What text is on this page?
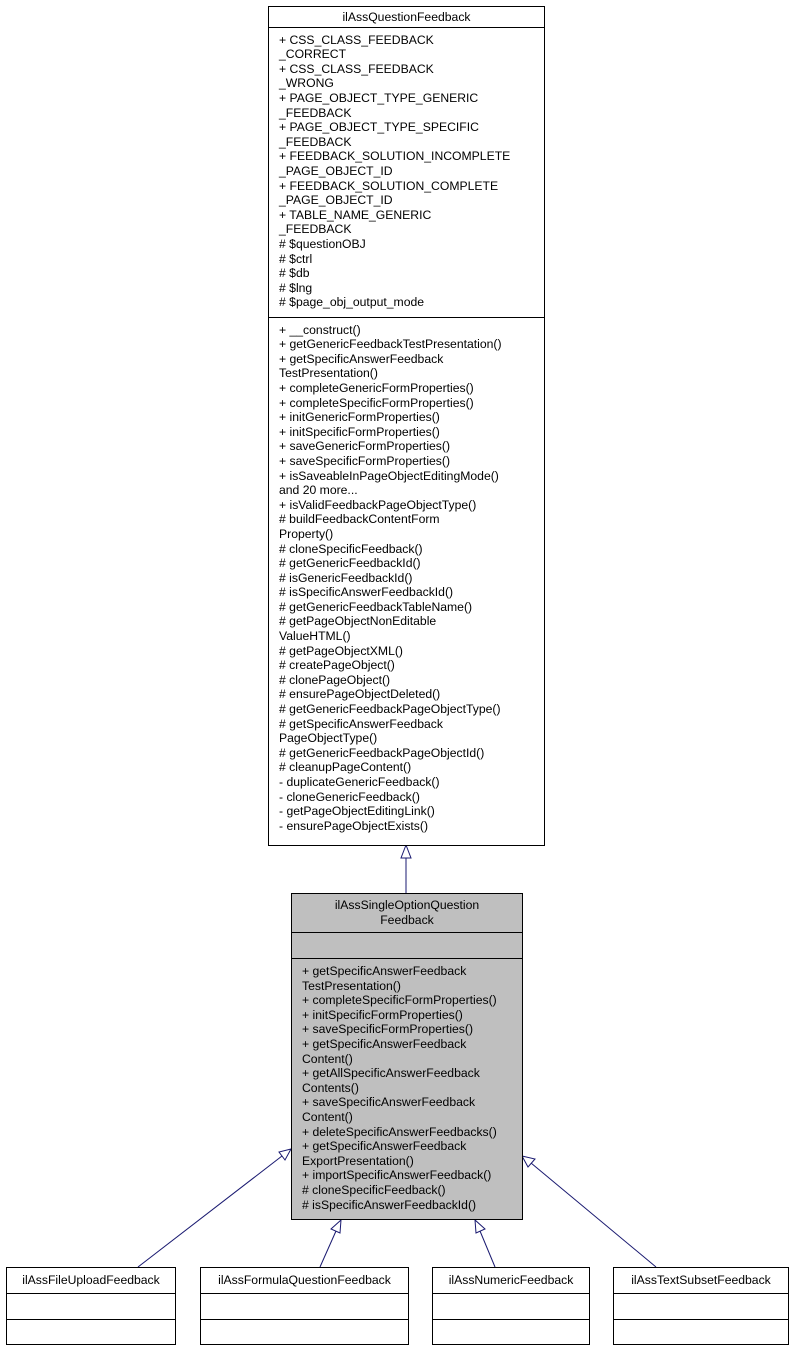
ilAssQuestionFeedback
+ CSS_CLASS_FEEDBACK
_CORRECT
+ CSS_CLASS_FEEDBACK
_WRONG
+ PAGE_OBJECT_TYPE_GENERIC
_FEEDBACK
+ PAGE_OBJECT_TYPE_SPECIFIC
_FEEDBACK
+ FEEDBACK_SOLUTION_INCOMPLETE
_PAGE_OBJECT_ID
+ FEEDBACK_SOLUTION_COMPLETE
_PAGE_OBJECT_ID
+ TABLE_NAME_GENERIC
_FEEDBACK
# $questionOBJ
# $ctrl
# $db
# $lng
# $page_obj_output_mode
+ __construct()
+ getGenericFeedbackTestPresentation()
+ getSpecificAnswerFeedback
TestPresentation()
+ completeGenericFormProperties()
+ completeSpecificFormProperties()
+ initGenericFormProperties()
+ initSpecificFormProperties()
+ saveGenericFormProperties()
+ saveSpecificFormProperties()
+ isSaveableInPageObjectEditingMode()
and 20 more...
+ isValidFeedbackPageObjectType()
# buildFeedbackContentForm
Property()
# cloneSpecificFeedback()
# getGenericFeedbackId()
# isGenericFeedbackId()
# isSpecificAnswerFeedbackId()
# getGenericFeedbackTableName()
# getPageObjectNonEditable
ValueHTML()
# getPageObjectXML()
# createPageObject()
# clonePageObject()
# ensurePageObjectDeleted()
# getGenericFeedbackPageObjectType()
# getSpecificAnswerFeedback
PageObjectType()
# getGenericFeedbackPageObjectId()
# cleanupPageContent()
- duplicateGenericFeedback()
- cloneGenericFeedback()
- getPageObjectEditingLink()
- ensurePageObjectExists()
ilAssSingleOptionQuestion
Feedback
+ getSpecificAnswerFeedback
TestPresentation()
+ completeSpecificFormProperties()
+ initSpecificFormProperties()
+ saveSpecificFormProperties()
+ getSpecificAnswerFeedback
Content()
+ getAllSpecificAnswerFeedback
Contents()
+ saveSpecificAnswerFeedback
Content()
+ deleteSpecificAnswerFeedbacks()
+ getSpecificAnswerFeedback
ExportPresentation()
+ importSpecificAnswerFeedback()
# cloneSpecificFeedback()
# isSpecificAnswerFeedbackId()
ilAssFileUploadFeedback	ilAssFormulaQuestionFeedback	ilAssNumericFeedback	ilAssTextSubsetFeedback
